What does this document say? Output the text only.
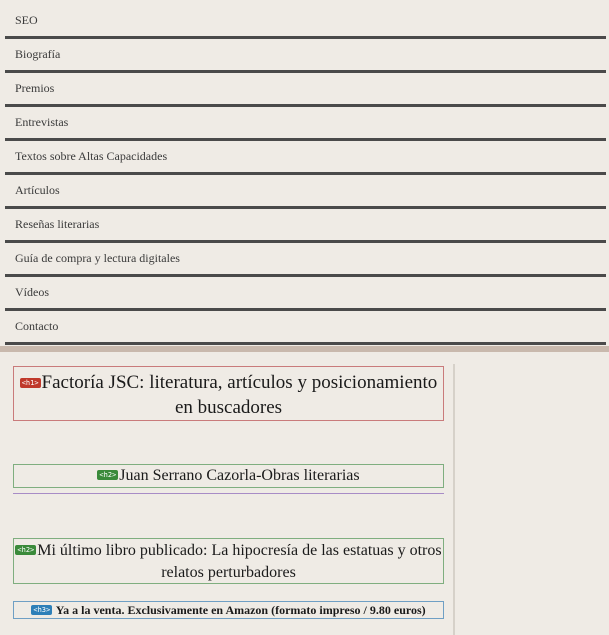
SEO
Biografía
Premios
Entrevistas
Textos sobre Altas Capacidades
Artículos
Reseñas literarias
Guía de compra y lectura digitales
Vídeos
Contacto
<h1> Factoría JSC: literatura, artículos y posicionamiento en buscadores
<h2> Juan Serrano Cazorla-Obras literarias
<h2> Mi último libro publicado: La hipocresía de las estatuas y otros relatos perturbadores
<h3> Ya a la venta. Exclusivamente en Amazon (formato impreso / 9.80 euros)
